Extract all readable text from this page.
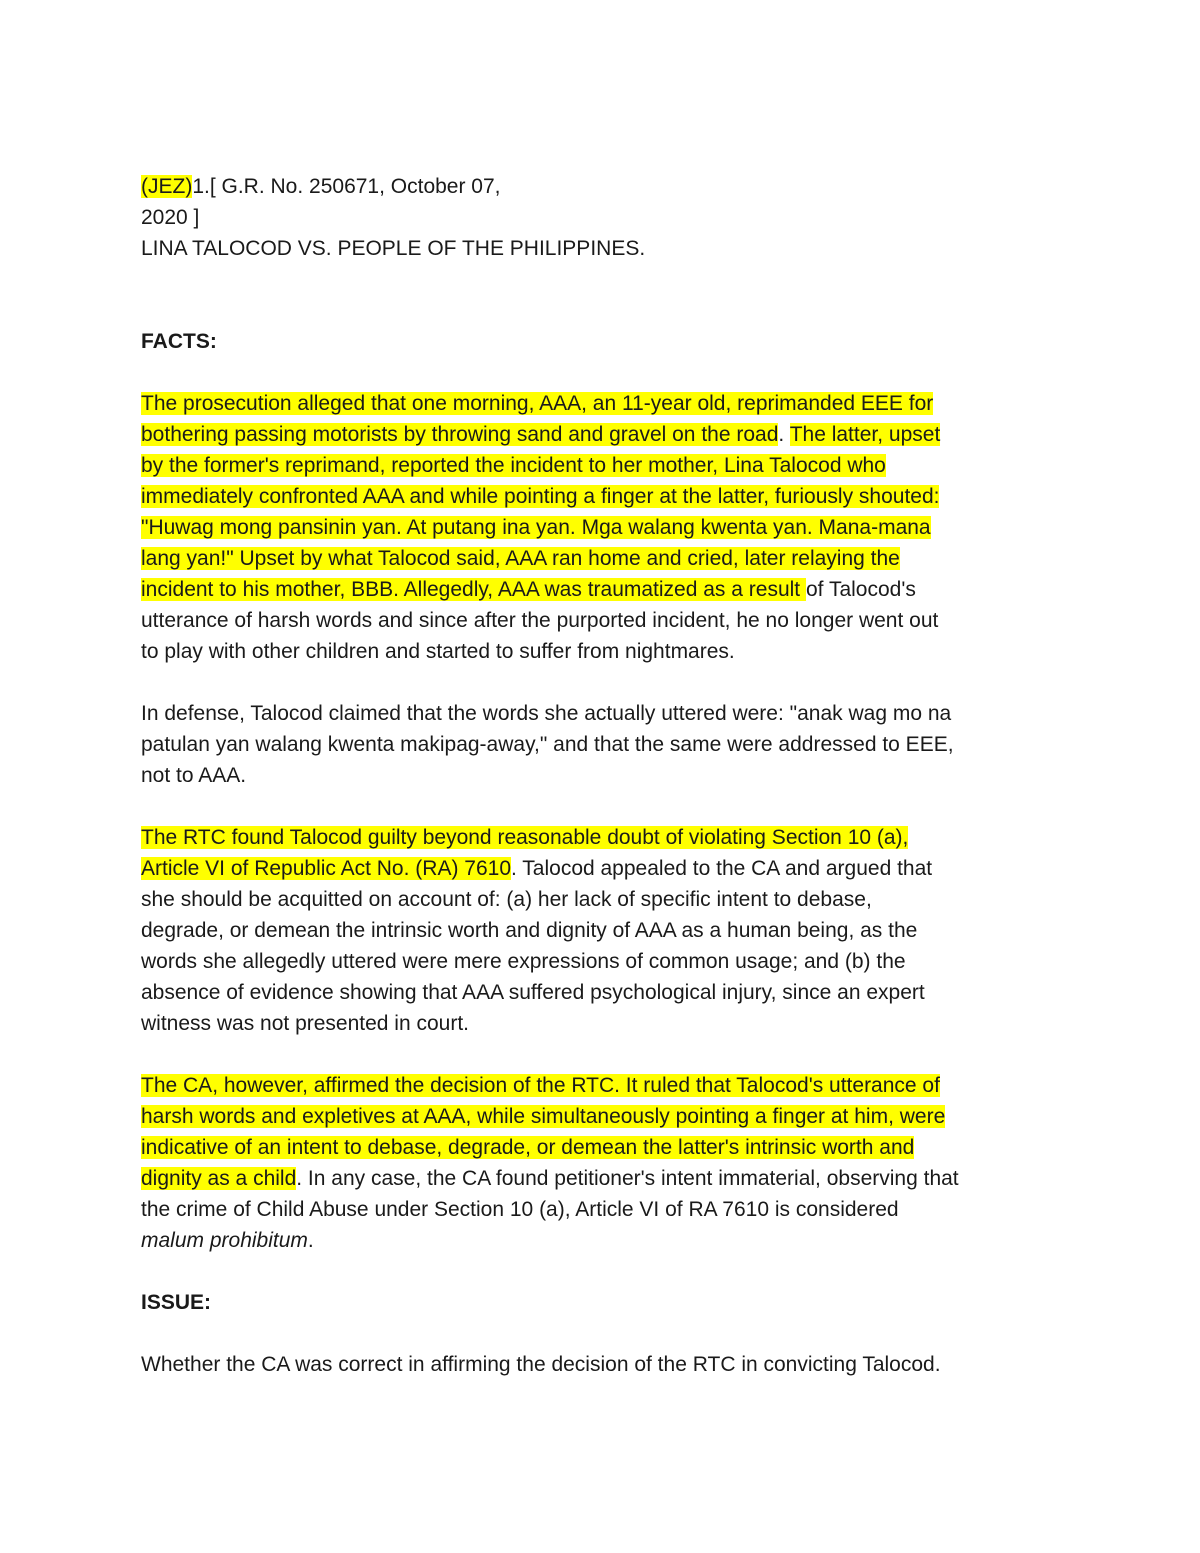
(JEZ)1.[ G.R. No. 250671, October 07,

2020 ]

LINA TALOCOD VS. PEOPLE OF THE PHILIPPINES.

FACTS:

The prosecution alleged that one morning, AAA, an 11-year old, reprimanded EEE for

bothering passing motorists by throwing sand and gravel on the road. The latter, upset

by the former's reprimand, reported the incident to her mother, Lina Talocod who

immediately confronted AAA and while pointing a finger at the latter, furiously shouted:

"Huwag mong pansinin yan. At putang ina yan. Mga walang kwenta yan. Mana-mana

lang yan!" Upset by what Talocod said, AAA ran home and cried, later relaying the

incident to his mother, BBB. Allegedly, AAA was traumatized as a result of Talocod's

utterance of harsh words and since after the purported incident, he no longer went out

to play with other children and started to suffer from nightmares.

In defense, Talocod claimed that the words she actually uttered were: "anak wag mo na

patulan yan walang kwenta makipag-away," and that the same were addressed to EEE,

not to AAA.

The RTC found Talocod guilty beyond reasonable doubt of violating Section 10 (a),

Article VI of Republic Act No. (RA) 7610. Talocod appealed to the CA and argued that

she should be acquitted on account of: (a) her lack of specific intent to debase,

degrade, or demean the intrinsic worth and dignity of AAA as a human being, as the

words she allegedly uttered were mere expressions of common usage; and (b) the

absence of evidence showing that AAA suffered psychological injury, since an expert

witness was not presented in court.

The CA, however, affirmed the decision of the RTC. It ruled that Talocod's utterance of

harsh words and expletives at AAA, while simultaneously pointing a finger at him, were

indicative of an intent to debase, degrade, or demean the latter's intrinsic worth and

dignity as a child. In any case, the CA found petitioner's intent immaterial, observing that

the crime of Child Abuse under Section 10 (a), Article VI of RA 7610 is considered

malum prohibitum.

ISSUE:

Whether the CA was correct in affirming the decision of the RTC in convicting Talocod.
